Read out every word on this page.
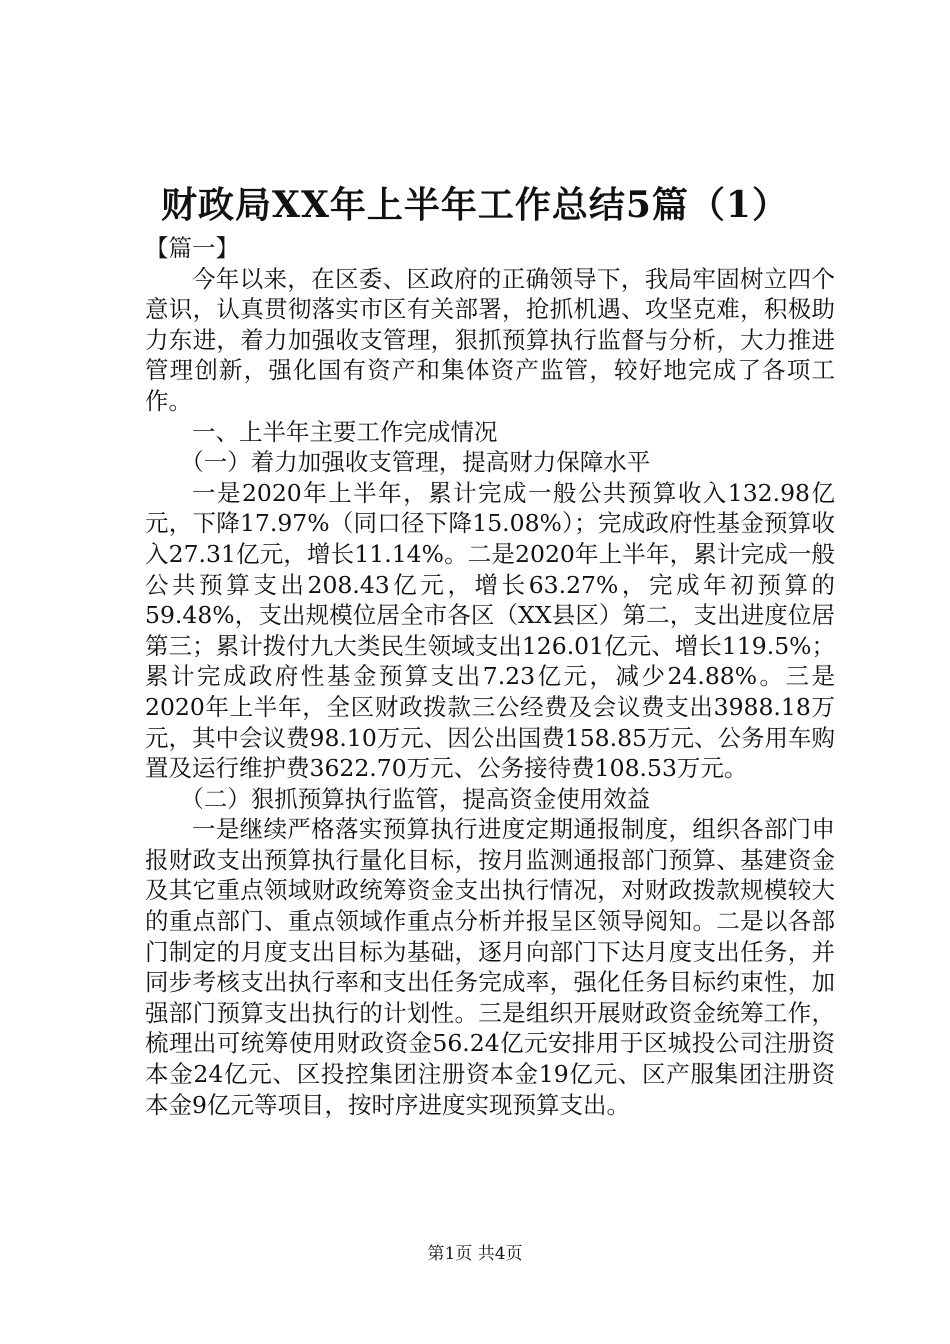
财政局XX年上半年工作总结5篇（1）

【篇一】

今年以来，在区委、区政府的正确领导下，我局牢固树立四个意识，认真贯彻落实市区有关部署，抢抓机遇、攻坚克难，积极助力东进，着力加强收支管理，狠抓预算执行监督与分析，大力推进管理创新，强化国有资产和集体资产监管，较好地完成了各项工作。

一、上半年主要工作完成情况

（一）着力加强收支管理，提高财力保障水平

一是2020年上半年，累计完成一般公共预算收入132.98亿元，下降17.97%（同口径下降15.08%）；完成政府性基金预算收入27.31亿元，增长11.14%。二是2020年上半年，累计完成一般公共预算支出208.43亿元，增长63.27%，完成年初预算的59.48%，支出规模位居全市各区（XX县区）第二，支出进度位居第三；累计拨付九大类民生领域支出126.01亿元、增长119.5%；累计完成政府性基金预算支出7.23亿元，减少24.88%。三是2020年上半年，全区财政拨款三公经费及会议费支出3988.18万元，其中会议费98.10万元、因公出国费158.85万元、公务用车购置及运行维护费3622.70万元、公务接待费108.53万元。

（二）狠抓预算执行监管，提高资金使用效益

一是继续严格落实预算执行进度定期通报制度，组织各部门申报财政支出预算执行量化目标，按月监测通报部门预算、基建资金及其它重点领域财政统筹资金支出执行情况，对财政拨款规模较大的重点部门、重点领域作重点分析并报呈区领导阅知。二是以各部门制定的月度支出目标为基础，逐月向部门下达月度支出任务，并同步考核支出执行率和支出任务完成率，强化任务目标约束性，加强部门预算支出执行的计划性。三是组织开展财政资金统筹工作，梳理出可统筹使用财政资金56.24亿元安排用于区城投公司注册资本金24亿元、区投控集团注册资本金19亿元、区产服集团注册资本金9亿元等项目，按时序进度实现预算支出。

第1页 共4页
